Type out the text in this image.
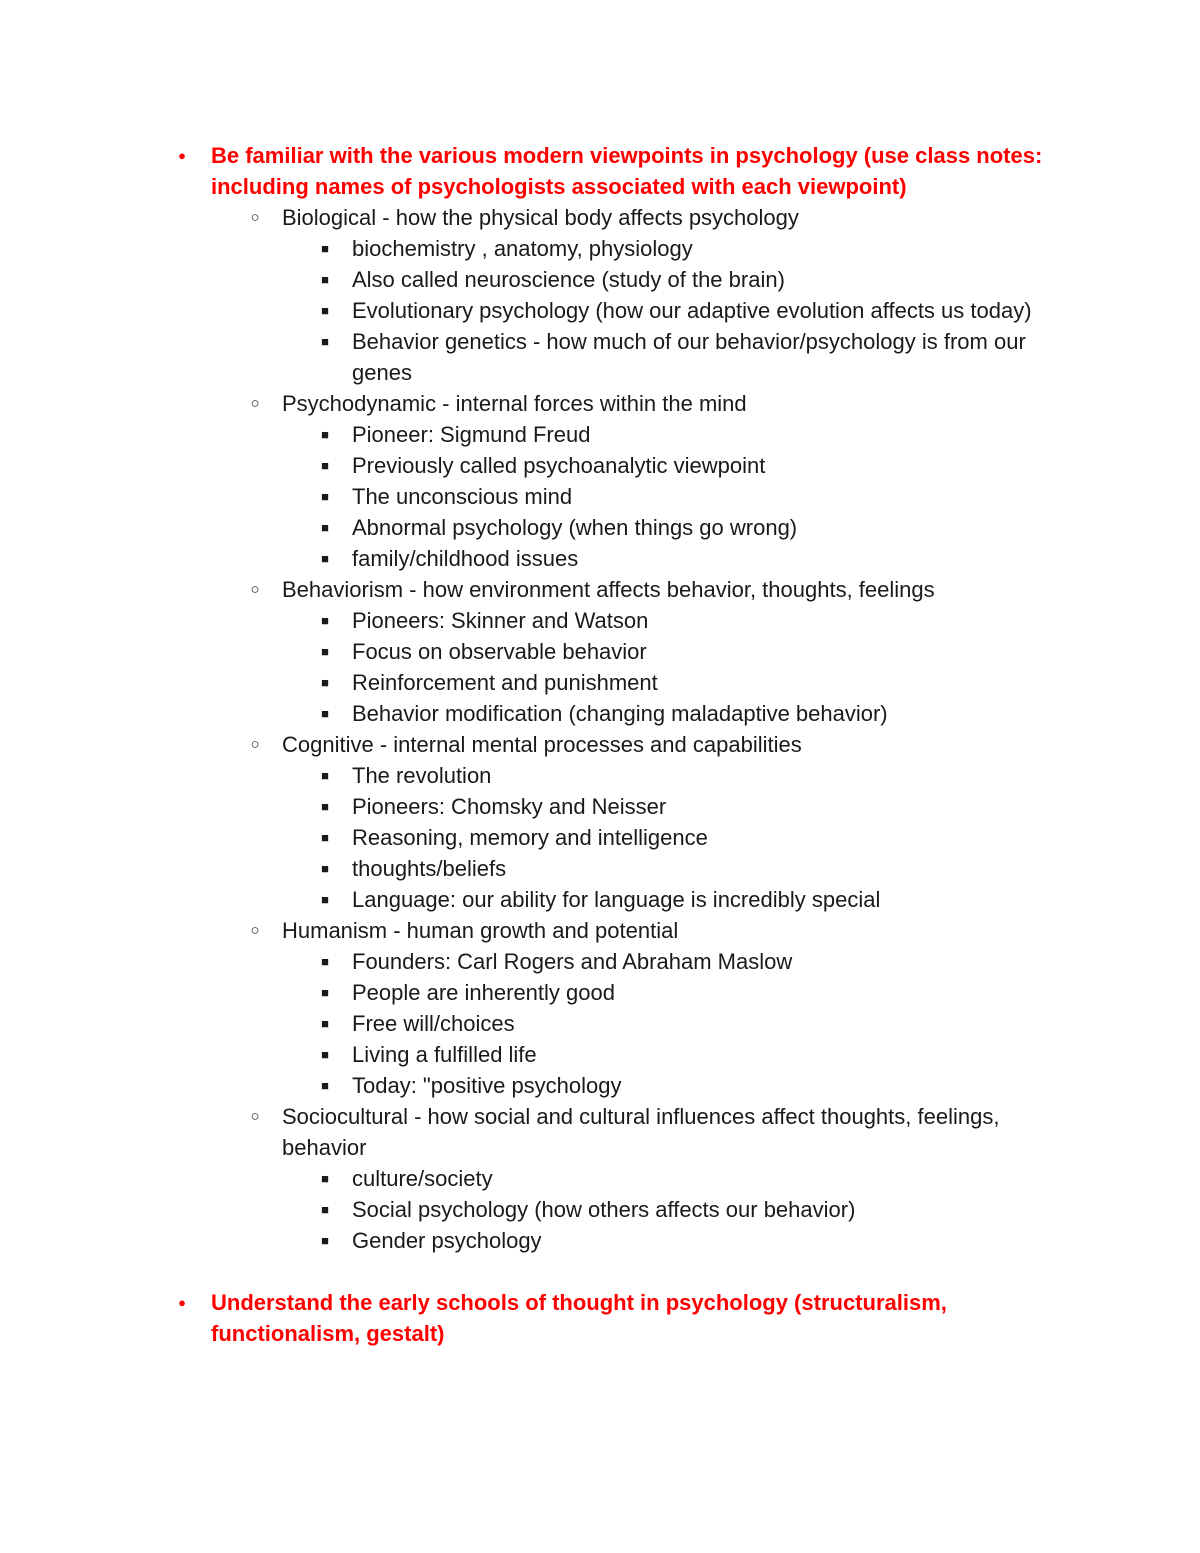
● Be familiar with the various modern viewpoints in psychology (use class notes: including names of psychologists associated with each viewpoint)
○ Biological - how the physical body affects psychology
■ biochemistry , anatomy, physiology
■ Also called neuroscience (study of the brain)
■ Evolutionary psychology (how our adaptive evolution affects us today)
■ Behavior genetics - how much of our behavior/psychology is from our genes
○ Psychodynamic - internal forces within the mind
■ Pioneer: Sigmund Freud
■ Previously called psychoanalytic viewpoint
■ The unconscious mind
■ Abnormal psychology (when things go wrong)
■ family/childhood issues
○ Behaviorism - how environment affects behavior, thoughts, feelings
■ Pioneers: Skinner and Watson
■ Focus on observable behavior
■ Reinforcement and punishment
■ Behavior modification (changing maladaptive behavior)
○ Cognitive - internal mental processes and capabilities
■ The revolution
■ Pioneers: Chomsky and Neisser
■ Reasoning, memory and intelligence
■ thoughts/beliefs
■ Language: our ability for language is incredibly special
○ Humanism - human growth and potential
■ Founders: Carl Rogers and Abraham Maslow
■ People are inherently good
■ Free will/choices
■ Living a fulfilled life
■ Today: "positive psychology
○ Sociocultural - how social and cultural influences affect thoughts, feelings, behavior
■ culture/society
■ Social psychology (how others affects our behavior)
■ Gender psychology
● Understand the early schools of thought in psychology (structuralism, functionalism, gestalt)
